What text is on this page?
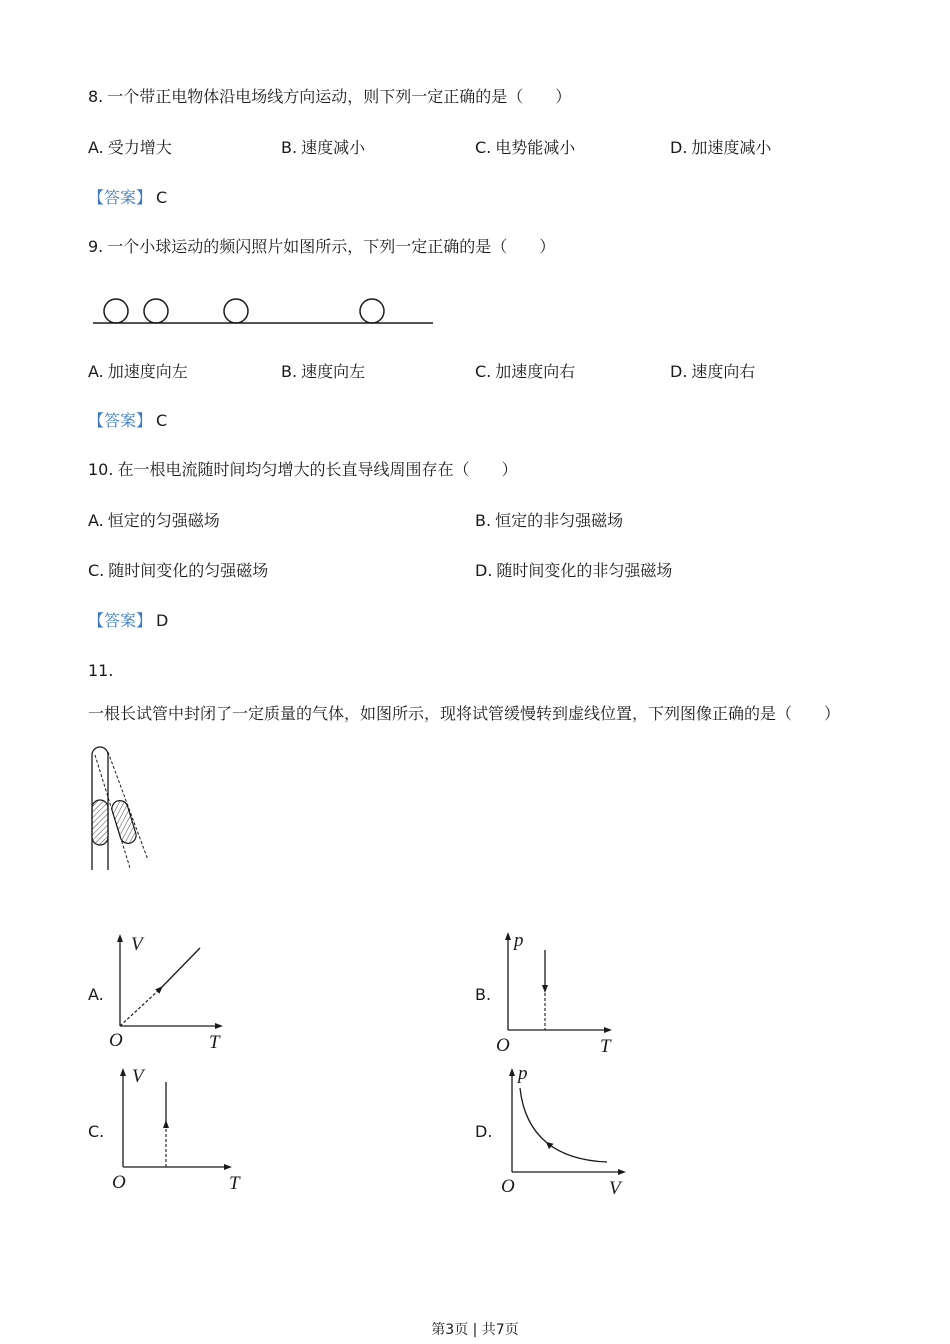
8. 一个带正电物体沿电场线方向运动，则下列一定正确的是（　　）
A. 受力增大	B. 速度减小	C. 电势能减小	D. 加速度减小
【答案】 C
9. 一个小球运动的频闪照片如图所示，下列一定正确的是（　　）
A. 加速度向左	B. 速度向左	C. 加速度向右	D. 速度向右
【答案】 C
10. 在一根电流随时间均匀增大的长直导线周围存在（　　）
A. 恒定的匀强磁场	B. 恒定的非匀强磁场
C. 随时间变化的匀强磁场	D. 随时间变化的非匀强磁场
【答案】 D
11.一根长试管中封闭了一定质量的气体，如图所示，现将试管缓慢转到虚线位置，下列图像正确的是（　　）
A.
V
O	T
B.
p
O	T
C.
V
O	T
D.
p
O	V
第3页 | 共7页
